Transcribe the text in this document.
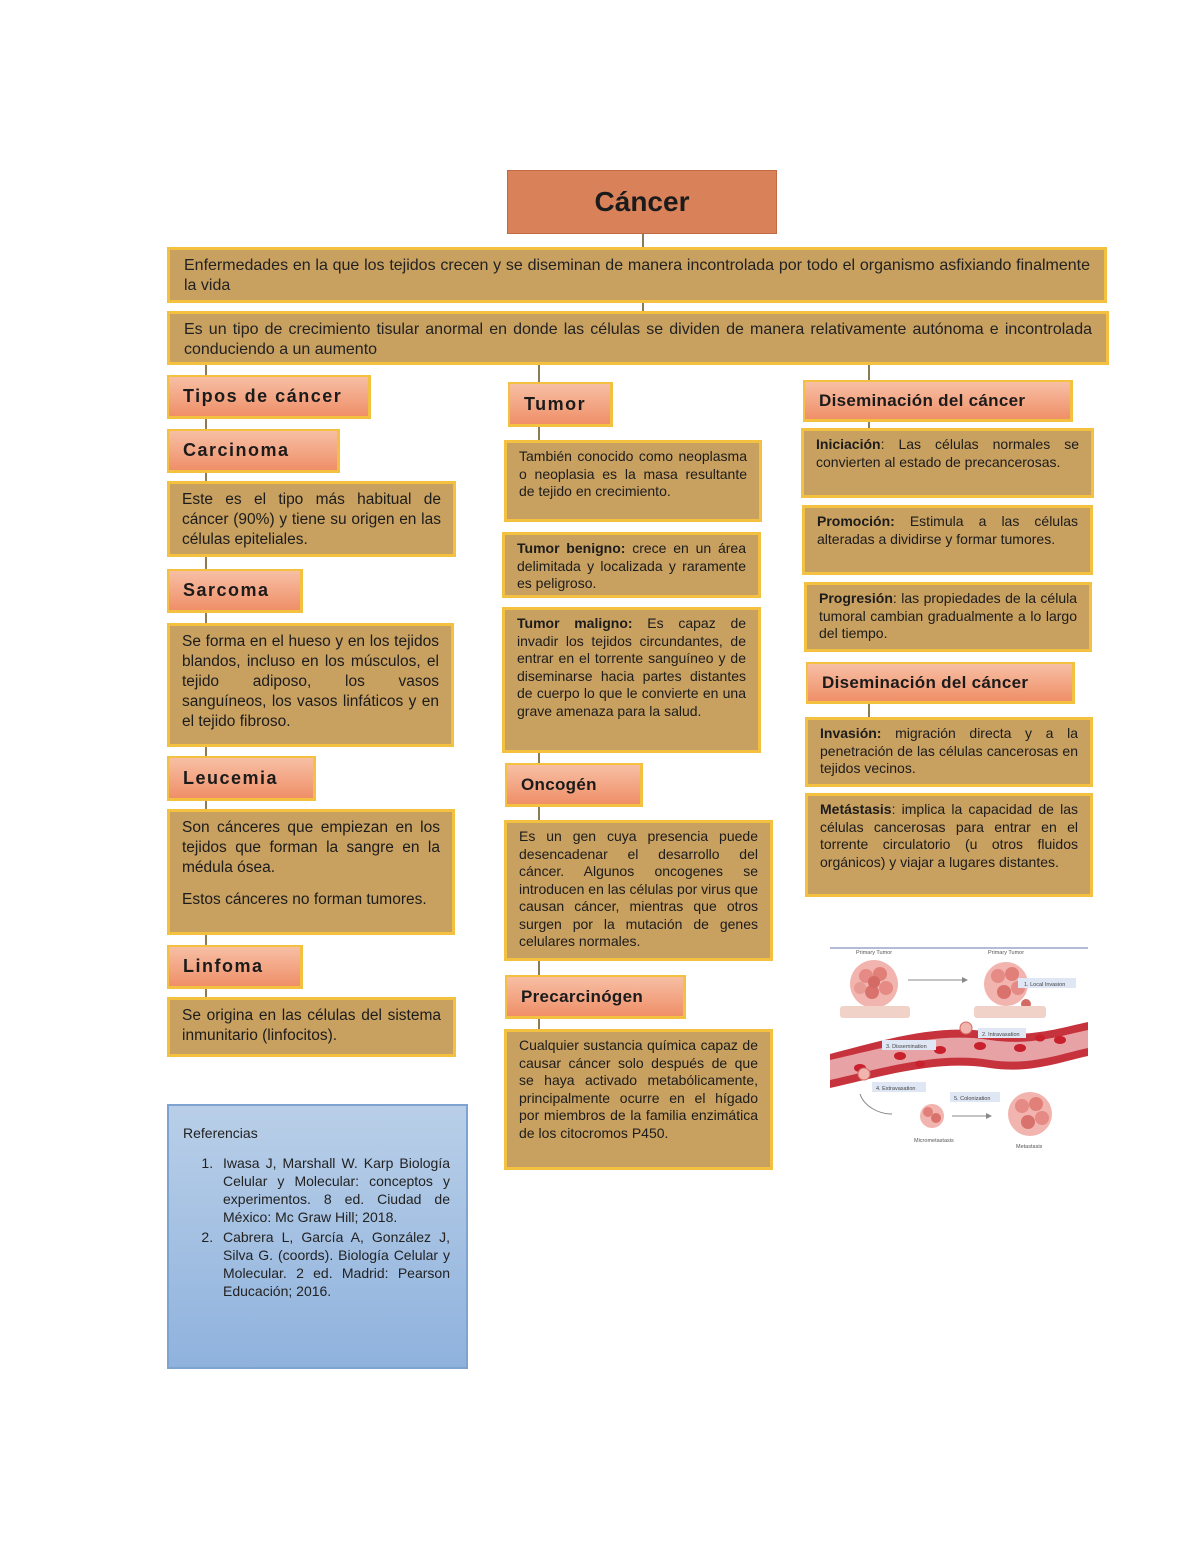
Cáncer
Enfermedades en la que los tejidos crecen y se diseminan de manera incontrolada por todo el organismo asfixiando finalmente la vida
Es un tipo de crecimiento tisular anormal en donde las células se dividen de manera relativamente autónoma e incontrolada conduciendo a un aumento
Tipos de cáncer
Carcinoma
Este es el tipo más habitual de cáncer (90%) y tiene su origen en las células epiteliales.
Sarcoma
Se forma en el hueso y en los tejidos blandos, incluso en los músculos, el tejido adiposo, los vasos sanguíneos, los vasos linfáticos y en el tejido fibroso.
Leucemia

Son cánceres que empiezan en los tejidos que forman la sangre en la médula ósea.

Estos cánceres no forman tumores.

Linfoma
Se origina en las células del sistema inmunitario (linfocitos).
Referencias
1. Iwasa J, Marshall W. Karp Biología Celular y Molecular: conceptos y experimentos. 8 ed. Ciudad de México: Mc Graw Hill; 2018.
2. Cabrera L, García A, González J, Silva G. (coords). Biología Celular y Molecular. 2 ed. Madrid: Pearson Educación; 2016.
Tumor
También conocido como neoplasma o neoplasia es la masa resultante de tejido en crecimiento.
Tumor benigno: crece en un área delimitada y localizada y raramente es peligroso.
Tumor maligno: Es capaz de invadir los tejidos circundantes, de entrar en el torrente sanguíneo y de diseminarse hacia partes distantes de cuerpo lo que le convierte en una grave amenaza para la salud.
Oncogén
Es un gen cuya presencia puede desencadenar el desarrollo del cáncer. Algunos oncogenes se introducen en las células por virus que causan cáncer, mientras que otros surgen por la mutación de genes celulares normales.
Precarcinógen
Cualquier sustancia química capaz de causar cáncer solo después de que se haya activado metabólicamente, principalmente ocurre en el hígado por miembros de la familia enzimática de los citocromos P450.
Diseminación del cáncer
Iniciación: Las células normales se convierten al estado de precancerosas.
Promoción: Estimula a las células alteradas a dividirse y formar tumores.
Progresión: las propiedades de la célula tumoral cambian gradualmente a lo largo del tiempo.
Diseminación del cáncer
Invasión: migración directa y a la penetración de las células cancerosas en tejidos vecinos.
Metástasis: implica la capacidad de las células cancerosas para entrar en el torrente circulatorio (u otros fluidos orgánicos) y viajar a lugares distantes.
Primary Tumor	Primary Tumor
1. Local Invasion
2. Intravasation
3. Dissemination
4. Extravasation
5. Colonization
Micrometastasis
Metastasis
